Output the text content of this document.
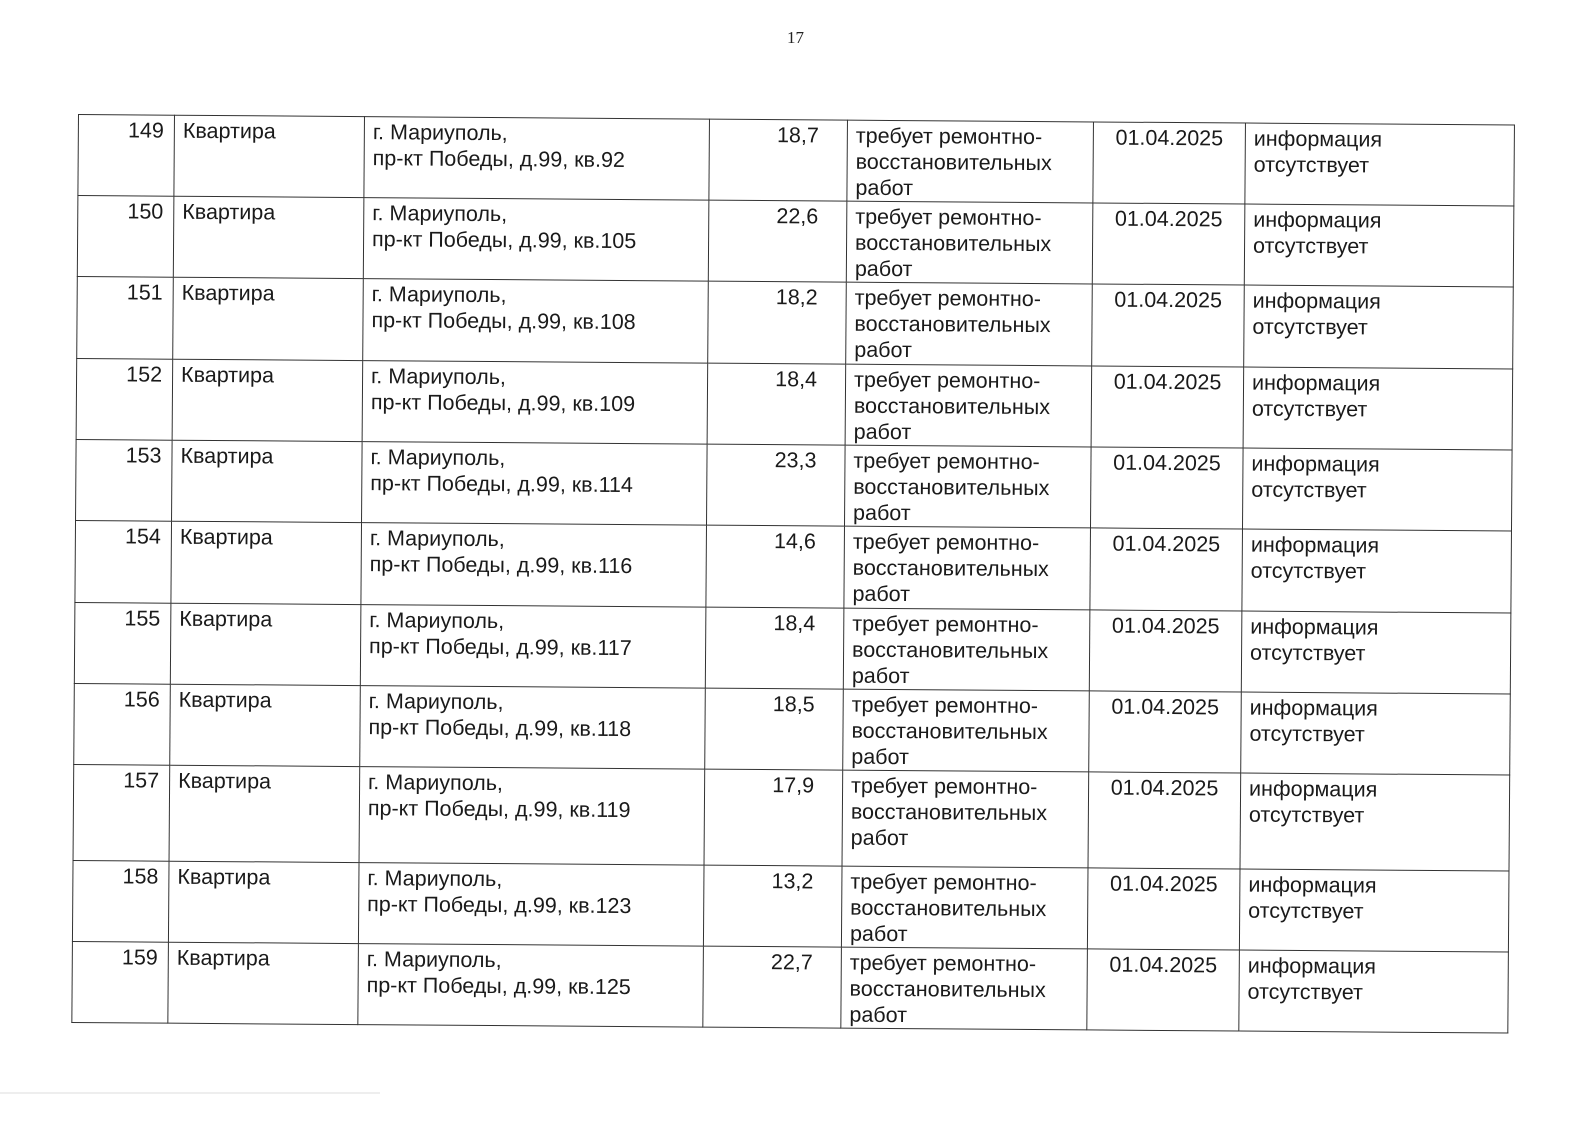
17
149	Квартира	г. Мариуполь,
пр-кт Победы, д.99, кв.92
	18,7	требует ремонтно-
восстановительных
работ
	01.04.2025	информация
отсутствует

150	Квартира	г. Мариуполь,
пр-кт Победы, д.99, кв.105
	22,6	требует ремонтно-
восстановительных
работ
	01.04.2025	информация
отсутствует

151	Квартира	г. Мариуполь,
пр-кт Победы, д.99, кв.108
	18,2	требует ремонтно-
восстановительных
работ
	01.04.2025	информация
отсутствует

152	Квартира	г. Мариуполь,
пр-кт Победы, д.99, кв.109
	18,4	требует ремонтно-
восстановительных
работ
	01.04.2025	информация
отсутствует

153	Квартира	г. Мариуполь,
пр-кт Победы, д.99, кв.114
	23,3	требует ремонтно-
восстановительных
работ
	01.04.2025	информация
отсутствует

154	Квартира	г. Мариуполь,
пр-кт Победы, д.99, кв.116
	14,6	требует ремонтно-
восстановительных
работ
	01.04.2025	информация
отсутствует

155	Квартира	г. Мариуполь,
пр-кт Победы, д.99, кв.117
	18,4	требует ремонтно-
восстановительных
работ
	01.04.2025	информация
отсутствует

156	Квартира	г. Мариуполь,
пр-кт Победы, д.99, кв.118
	18,5	требует ремонтно-
восстановительных
работ
	01.04.2025	информация
отсутствует

157	Квартира	г. Мариуполь,
пр-кт Победы, д.99, кв.119
	17,9	требует ремонтно-
восстановительных
работ
	01.04.2025	информация
отсутствует

158	Квартира	г. Мариуполь,
пр-кт Победы, д.99, кв.123
	13,2	требует ремонтно-
восстановительных
работ
	01.04.2025	информация
отсутствует

159	Квартира	г. Мариуполь,
пр-кт Победы, д.99, кв.125
	22,7	требует ремонтно-
восстановительных
работ
	01.04.2025	информация
отсутствует
